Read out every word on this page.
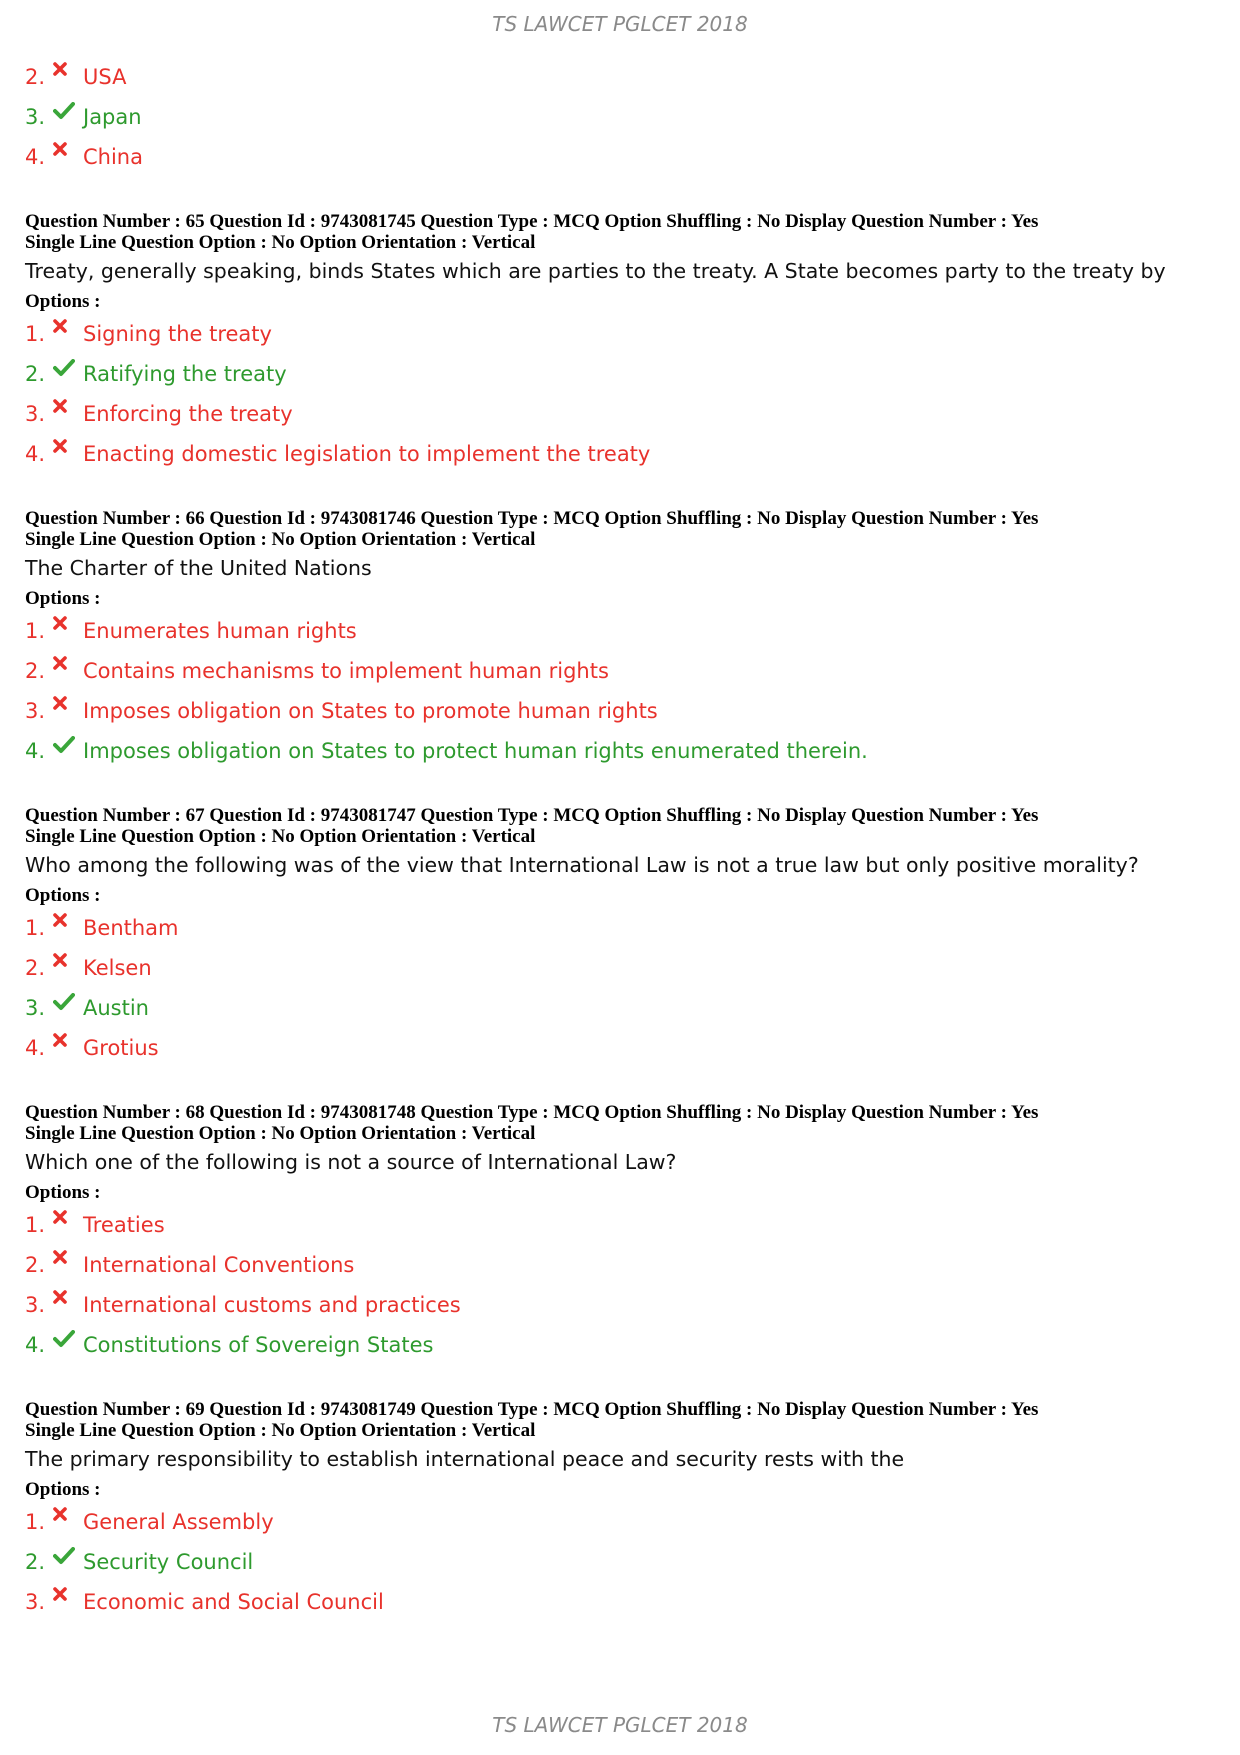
TS LAWCET PGLCET 2018
2.	USA
3.	Japan
4.	China
Question Number : 65 Question Id : 9743081745 Question Type : MCQ Option Shuffling : No Display Question Number : Yes
Single Line Question Option : No Option Orientation : Vertical
Treaty, generally speaking, binds States which are parties to the treaty. A State becomes party to the treaty by
Options :
1.	Signing the treaty
2.	Ratifying the treaty
3.	Enforcing the treaty
4.	Enacting domestic legislation to implement the treaty
Question Number : 66 Question Id : 9743081746 Question Type : MCQ Option Shuffling : No Display Question Number : Yes
Single Line Question Option : No Option Orientation : Vertical
The Charter of the United Nations
Options :
1.	Enumerates human rights
2.	Contains mechanisms to implement human rights
3.	Imposes obligation on States to promote human rights
4.	Imposes obligation on States to protect human rights enumerated therein.
Question Number : 67 Question Id : 9743081747 Question Type : MCQ Option Shuffling : No Display Question Number : Yes
Single Line Question Option : No Option Orientation : Vertical
Who among the following was of the view that International Law is not a true law but only positive morality?
Options :
1.	Bentham
2.	Kelsen
3.	Austin
4.	Grotius
Question Number : 68 Question Id : 9743081748 Question Type : MCQ Option Shuffling : No Display Question Number : Yes
Single Line Question Option : No Option Orientation : Vertical
Which one of the following is not a source of International Law?
Options :
1.	Treaties
2.	International Conventions
3.	International customs and practices
4.	Constitutions of Sovereign States
Question Number : 69 Question Id : 9743081749 Question Type : MCQ Option Shuffling : No Display Question Number : Yes
Single Line Question Option : No Option Orientation : Vertical
The primary responsibility to establish international peace and security rests with the
Options :
1.	General Assembly
2.	Security Council
3.	Economic and Social Council
TS LAWCET PGLCET 2018
